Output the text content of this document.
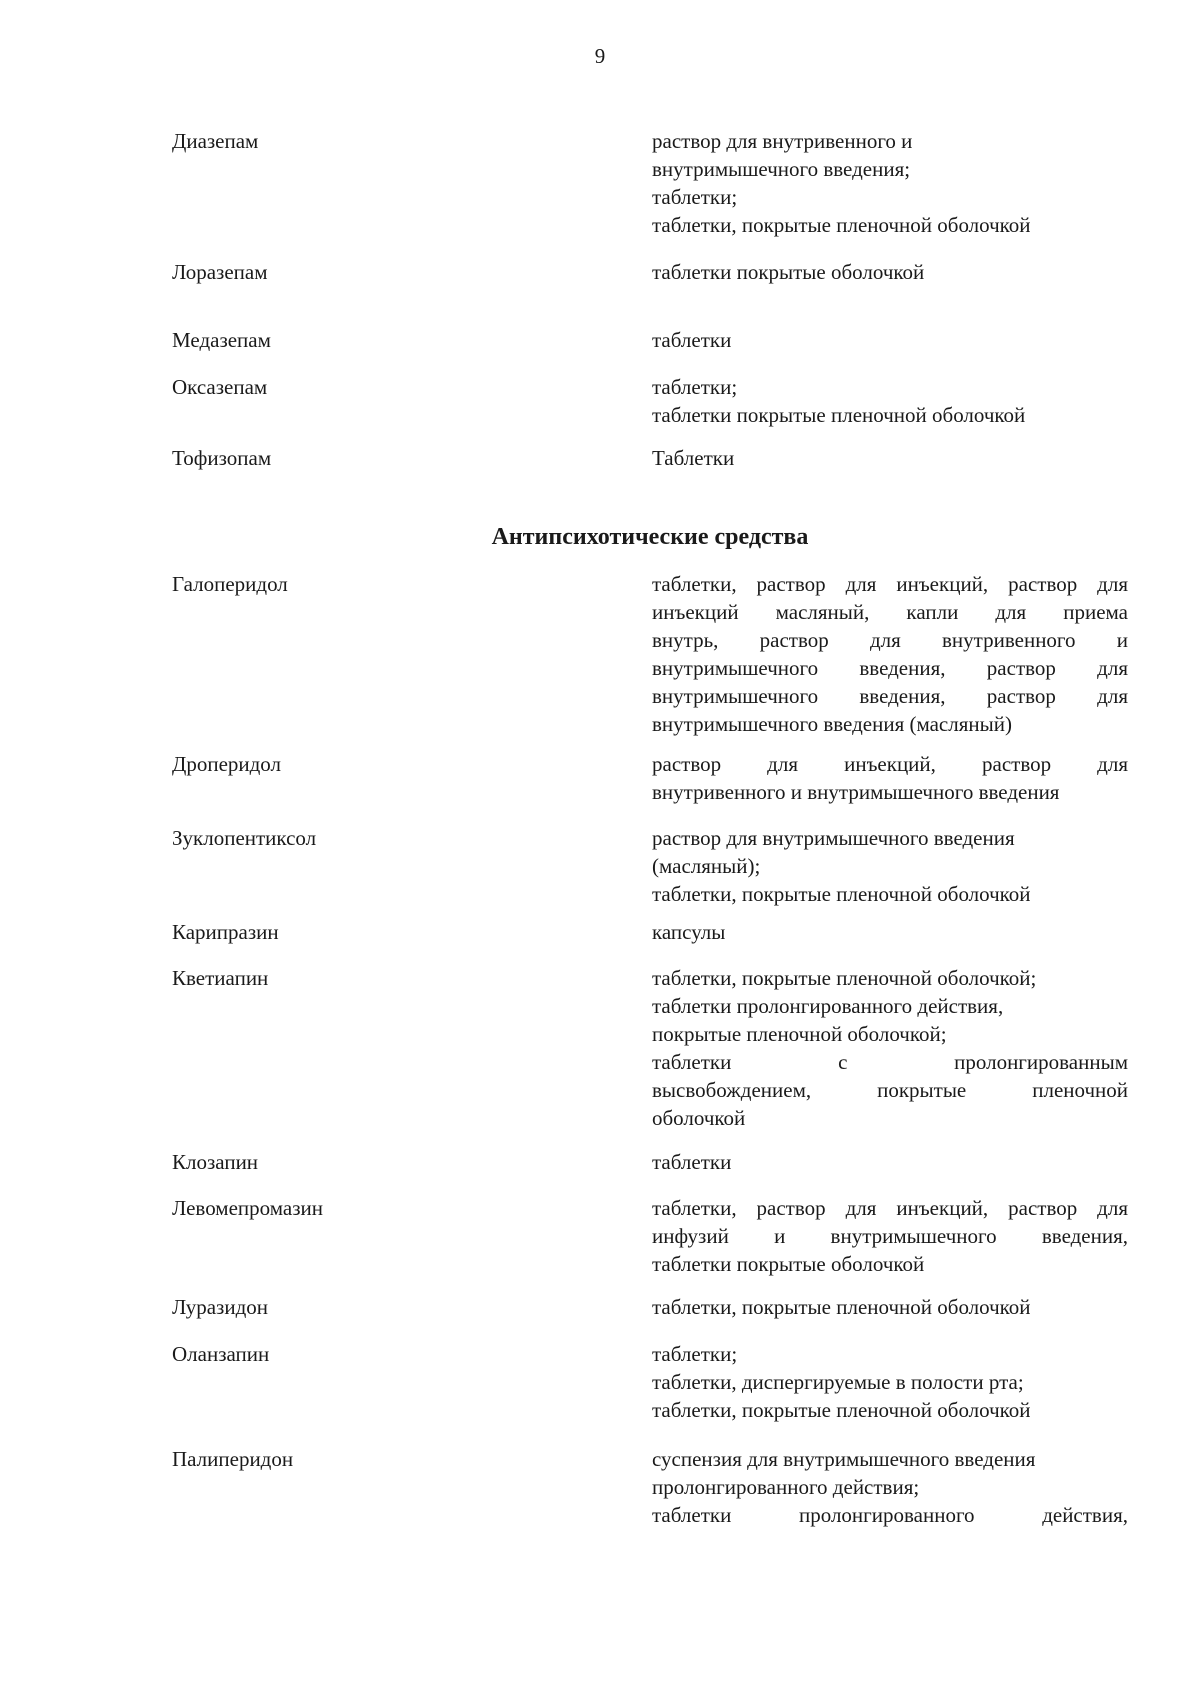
9
Диазепам	раствор для внутривенного и
внутримышечного введения;
таблетки;
таблетки, покрытые пленочной оболочкой
Лоразепам	таблетки покрытые оболочкой
Медазепам	таблетки
Оксазепам	таблетки;
таблетки покрытые пленочной оболочкой
Тофизопам	Таблетки
Антипсихотические средства
Галоперидол	таблетки, раствор для инъекций, раствор для
инъекций масляный, капли для приема
внутрь, раствор для внутривенного и
внутримышечного введения, раствор для
внутримышечного введения, раствор для
внутримышечного введения (масляный)
Дроперидол	раствор для инъекций, раствор для
внутривенного и внутримышечного введения
Зуклопентиксол	раствор для внутримышечного введения
(масляный);
таблетки, покрытые пленочной оболочкой
Карипразин	капсулы
Кветиапин	таблетки, покрытые пленочной оболочкой;
таблетки пролонгированного действия,
покрытые пленочной оболочкой;
таблетки с пролонгированным
высвобождением, покрытые пленочной
оболочкой
Клозапин	таблетки
Левомепромазин	таблетки, раствор для инъекций, раствор для
инфузий и внутримышечного введения,
таблетки покрытые оболочкой
Луразидон	таблетки, покрытые пленочной оболочкой
Оланзапин	таблетки;
таблетки, диспергируемые в полости рта;
таблетки, покрытые пленочной оболочкой
Палиперидон	суспензия для внутримышечного введения
пролонгированного действия;
таблетки пролонгированного действия,
